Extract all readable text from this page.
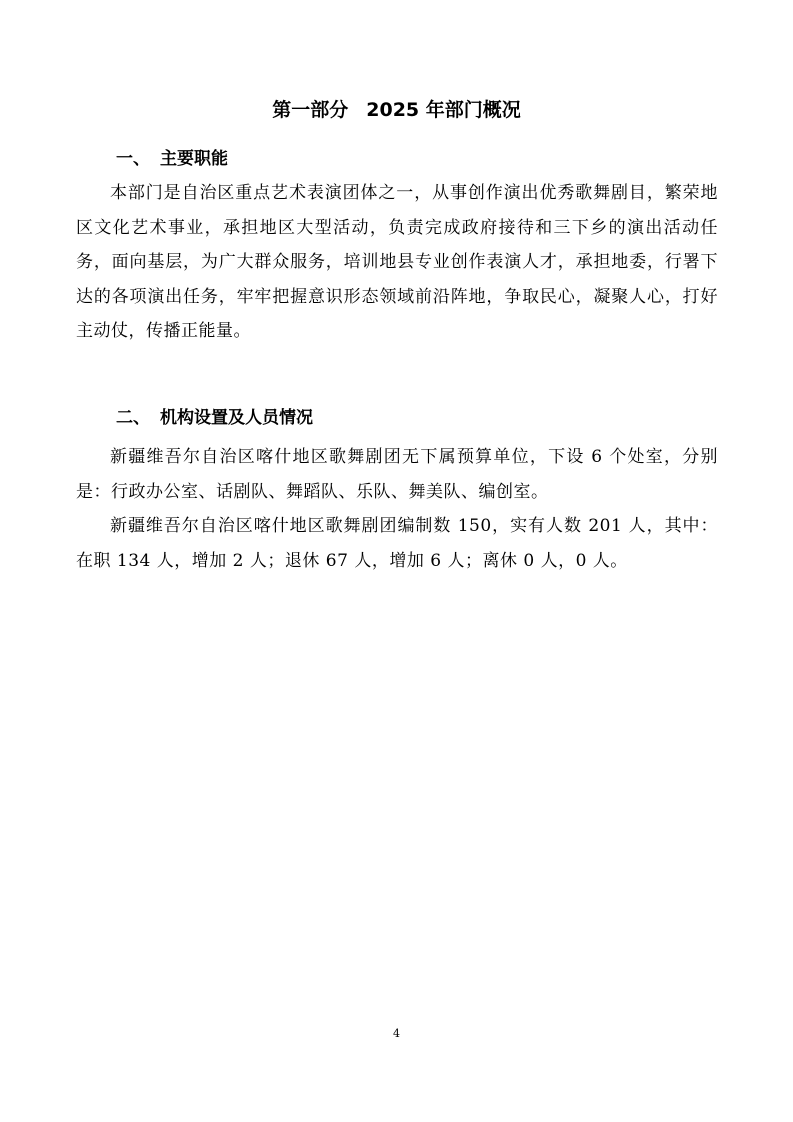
第一部分 2025 年部门概况
一、 主要职能

本部门是自治区重点艺术表演团体之一，从事创作演出优秀歌舞剧目，繁荣地区文化艺术事业，承担地区大型活动，负责完成政府接待和三下乡的演出活动任务，面向基层，为广大群众服务，培训地县专业创作表演人才，承担地委，行署下达的各项演出任务，牢牢把握意识形态领域前沿阵地，争取民心，凝聚人心，打好主动仗，传播正能量。

二、 机构设置及人员情况

新疆维吾尔自治区喀什地区歌舞剧团无下属预算单位，下设 6 个处室，分别是：行政办公室、话剧队、舞蹈队、乐队、舞美队、编创室。

新疆维吾尔自治区喀什地区歌舞剧团编制数 150，实有人数 201 人，其中：在职 134 人，增加 2 人；退休 67 人，增加 6 人；离休 0 人，0 人。

4
